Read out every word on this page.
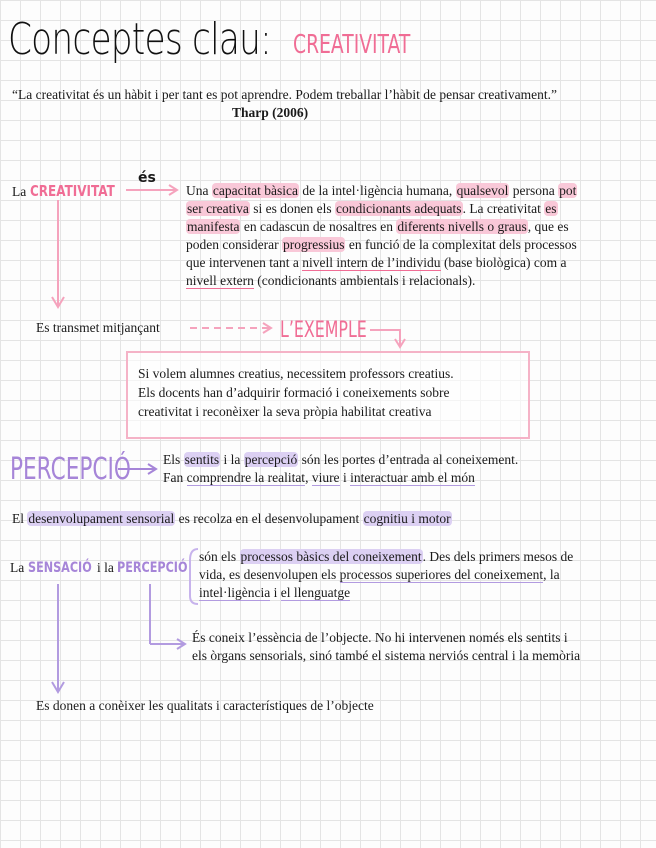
Conceptes clau: CREATIVITAT
“La creativitat és un hàbit i per tant es pot aprendre. Podem treballar l’hàbit de pensar creativament.”
Tharp (2006)
La CREATIVITAT
és
Una capacitat bàsica de la intel·ligència humana, qualsevol persona pot
ser creativa si es donen els condicionants adequats. La creativitat es
manifesta en cadascun de nosaltres en diferents nivells o graus, que es
poden considerar progressius en funció de la complexitat dels processos
que intervenen tant a nivell intern de l’individu (base biològica) com a
nivell extern (condicionants ambientals i relacionals).
Es transmet mitjançant	L’EXEMPLE
Si volem alumnes creatius, necessitem professors creatius.
Els docents han d’adquirir formació i coneixements sobre
creativitat i reconèixer la seva pròpia habilitat creativa
PERCEPCIÓ Els sentits i la percepció són les portes d’entrada al coneixement.
Fan comprendre la realitat, viure i interactuar amb el món
El desenvolupament sensorial es recolza en el desenvolupament cognitiu i motor
La SENSACIÓ i la PERCEPCIÓ
són els processos bàsics del coneixement. Des dels primers mesos de
vida, es desenvolupen els processos superiores del coneixement, la
intel·ligència i el llenguatge
És coneix l’essència de l’objecte. No hi intervenen només els sentits i
els òrgans sensorials, sinó també el sistema nerviós central i la memòria
Es donen a conèixer les qualitats i característiques de l’objecte
